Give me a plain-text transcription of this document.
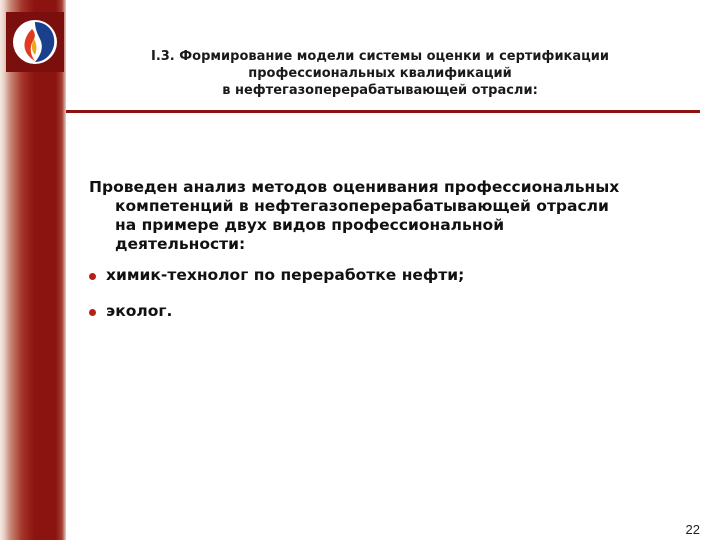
I.3. Формирование модели системы оценки и сертификации
профессиональных квалификаций
в нефтегазоперерабатывающей отрасли:
Проведен анализ методов оценивания профессиональных
компетенций в нефтегазоперерабатывающей отрасли
на примере двух видов профессиональной
деятельности:
химик-технолог по переработке нефти;
эколог.
22
